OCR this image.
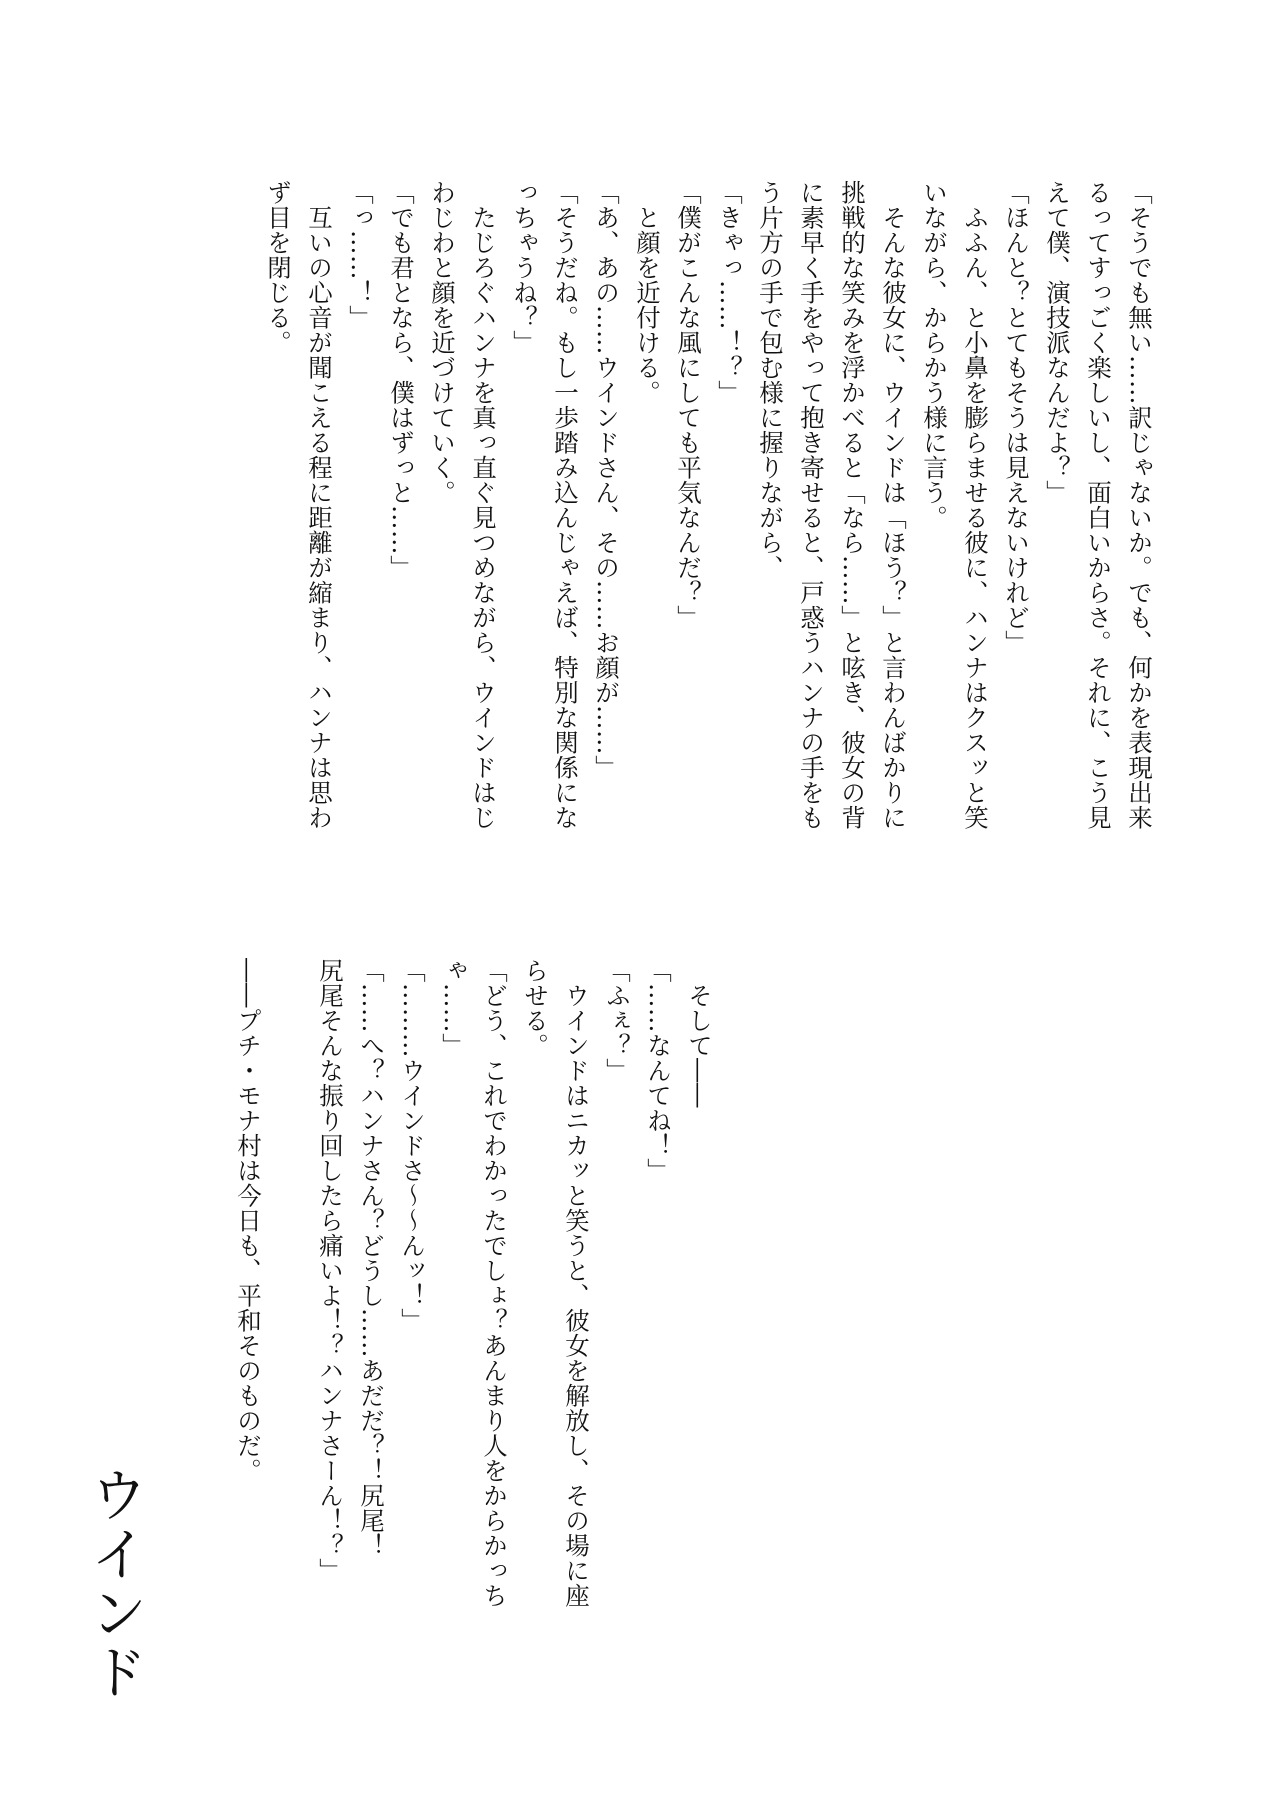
「そうでも無い……訳じゃないか。でも、何かを表現出来
るってすっごく楽しいし、面白いからさ。それに、こう見
えて僕、演技派なんだよ？」
「ほんと？とてもそうは見えないけれど」
　ふふん、と小鼻を膨らませる彼に、ハンナはクスッと笑
いながら、からかう様に言う。
　そんな彼女に、ウインドは「ほう？」と言わんばかりに
挑戦的な笑みを浮かべると「なら……」と呟き、彼女の背
に素早く手をやって抱き寄せると、戸惑うハンナの手をも
う片方の手で包む様に握りながら、
「きゃっ……！？」
「僕がこんな風にしても平気なんだ？」
　と顔を近付ける。
「あ、あの……ウインドさん、その……お顔が……」
「そうだね。もし一歩踏み込んじゃえば、特別な関係にな
っちゃうね？」
　たじろぐハンナを真っ直ぐ見つめながら、ウインドはじ
わじわと顔を近づけていく。
「でも君となら、僕はずっと……」
「っ……！」
　互いの心音が聞こえる程に距離が縮まり、ハンナは思わ
ず目を閉じる。
　そして――
「……なんてね！」
「ふぇ？」
　ウインドはニカッと笑うと、彼女を解放し、その場に座
らせる。
「どう、これでわかったでしょ？あんまり人をからかっち
ゃ……」
「………ウインドさ～～んッ！」
「……へ？ハンナさん？どうし……あだだ？！尻尾！
尻尾そんな振り回したら痛いよ！？ハンナさーん！？」
――プチ・モナ村は今日も、平和そのものだ。
ウインド
